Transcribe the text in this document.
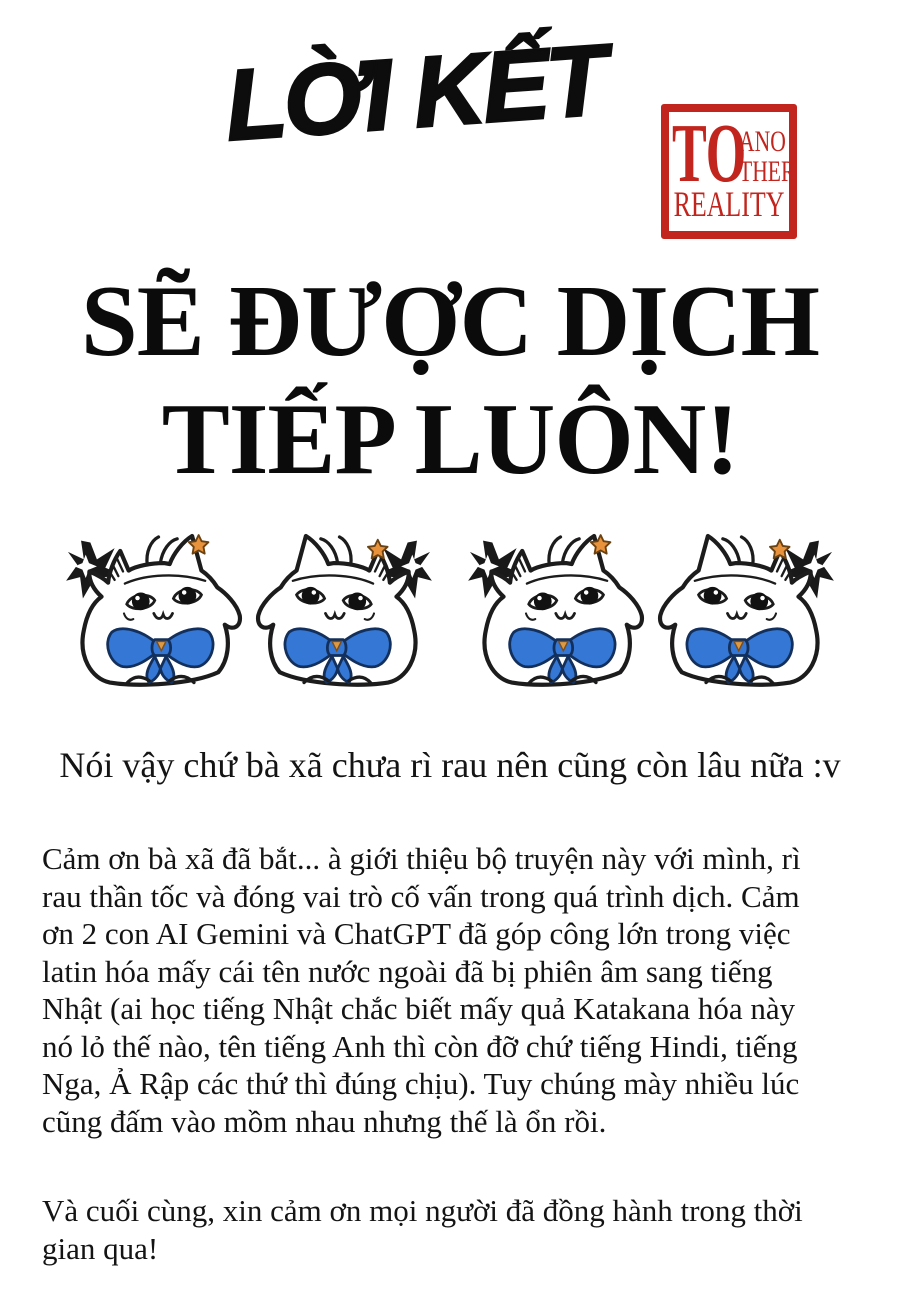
LỜI KẾT TO
ANO
THER
REALITY
SẼ ĐƯỢC DỊCH
TIẾP LUÔN!

Nói vậy chứ bà xã chưa rì rau nên cũng còn lâu nữa :v

Cảm ơn bà xã đã bắt... à giới thiệu bộ truyện này với mình, rì
rau thần tốc và đóng vai trò cố vấn trong quá trình dịch. Cảm
ơn 2 con AI Gemini và ChatGPT đã góp công lớn trong việc
latin hóa mấy cái tên nước ngoài đã bị phiên âm sang tiếng
Nhật (ai học tiếng Nhật chắc biết mấy quả Katakana hóa này
nó lỏ thế nào, tên tiếng Anh thì còn đỡ chứ tiếng Hindi, tiếng
Nga, Ả Rập các thứ thì đúng chịu). Tuy chúng mày nhiều lúc
cũng đấm vào mồm nhau nhưng thế là ổn rồi.
Và cuối cùng, xin cảm ơn mọi người đã đồng hành trong thời
gian qua!
